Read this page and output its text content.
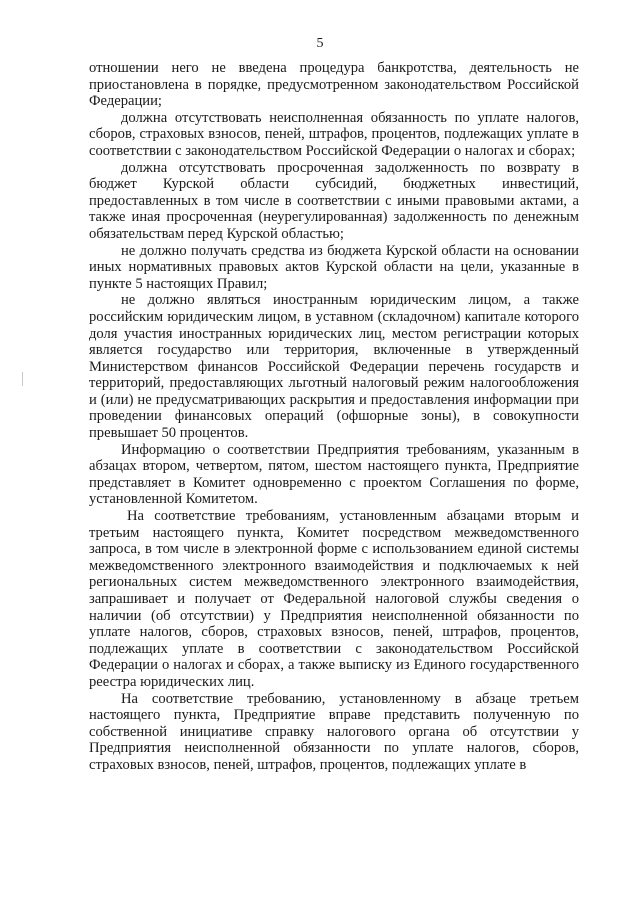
5

отношении него не введена процедура банкротства, деятельность не приостановлена в порядке, предусмотренном законодательством Российской Федерации;

должна отсутствовать неисполненная обязанность по уплате налогов, сборов, страховых взносов, пеней, штрафов, процентов, подлежащих уплате в соответствии с законодательством Российской Федерации о налогах и сборах;

должна отсутствовать просроченная задолженность по возврату в бюджет Курской области субсидий, бюджетных инвестиций, предоставленных в том числе в соответствии с иными правовыми актами, а также иная просроченная (неурегулированная) задолженность по денежным обязательствам перед Курской областью;

не должно получать средства из бюджета Курской области на основании иных нормативных правовых актов Курской области на цели, указанные в пункте 5 настоящих Правил;

не должно являться иностранным юридическим лицом, а также российским юридическим лицом, в уставном (складочном) капитале которого доля участия иностранных юридических лиц, местом регистрации которых является государство или территория, включенные в утвержденный Министерством финансов Российской Федерации перечень государств и территорий, предоставляющих льготный налоговый режим налогообложения и (или) не предусматривающих раскрытия и предоставления информации при проведении финансовых операций (офшорные зоны), в совокупности превышает 50 процентов.

Информацию о соответствии Предприятия требованиям, указанным в абзацах втором, четвертом, пятом, шестом настоящего пункта, Предприятие представляет в Комитет одновременно с проектом Соглашения по форме, установленной Комитетом.

На соответствие требованиям, установленным абзацами вторым и третьим настоящего пункта, Комитет посредством межведомственного запроса, в том числе в электронной форме с использованием единой системы межведомственного электронного взаимодействия и подключаемых к ней региональных систем межведомственного электронного взаимодействия, запрашивает и получает от Федеральной налоговой службы сведения о наличии (об отсутствии) у Предприятия неисполненной обязанности по уплате налогов, сборов, страховых взносов, пеней, штрафов, процентов, подлежащих уплате в соответствии с законодательством Российской Федерации о налогах и сборах, а также выписку из Единого государственного реестра юридических лиц.

На соответствие требованию, установленному в абзаце третьем настоящего пункта, Предприятие вправе представить полученную по собственной инициативе справку налогового органа об отсутствии у Предприятия неисполненной обязанности по уплате налогов, сборов, страховых взносов, пеней, штрафов, процентов, подлежащих уплате в
